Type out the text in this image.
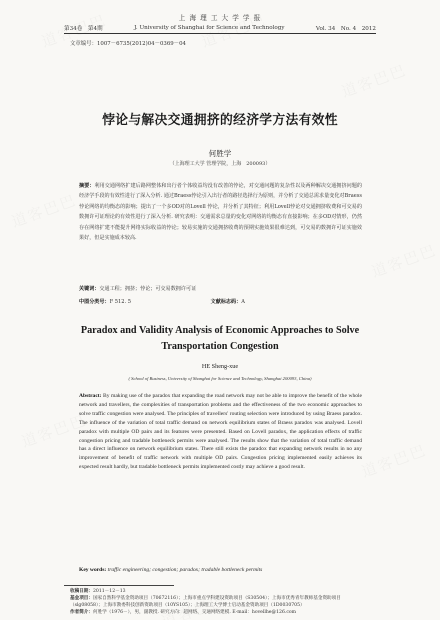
上 海 理 工 大 学 学 报
第34卷　第4期	J. University of Shanghai for Science and Technology	Vol. 34　No. 4　2012
文章编号：1007－6735(2012)04－0369－04
悖论与解决交通拥挤的经济学方法有效性
何胜学
（上海理工大学 管理学院，上海　200093）
摘要：利用交通网络扩建后路网整体和出行者个体收益均没有改善的悖论，对交通问题的复杂性以及两种解决交通拥挤问题的经济学手段的有效性进行了深入分析. 通过Braess悖论引入出行者的路径选择行为原则，并分析了交通总需求量变化对Braess悖论网络的均衡态的影响；提出了一个多OD对的Lovell 悖论，并分析了其特征；利用Lovell悖论对交通拥挤收费和可交易的数拥许可证理论的有效性进行了深入分析. 研究表明：交通需求总量的变化对网络的均衡态有直接影响；在多OD对情形，仍然存在网络扩建不能提升网络实际收益的悖论；较易实施的交通拥挤收费的预期实施效果很难达到，可交易的数拥许可证实施效果好，但是实施成本较高.
关键词：交通工程；拥挤；悖论；可交易数拥许可证
中图分类号：F 512. 5	文献标志码：A
Paradox and Validity Analysis of Economic Approaches to Solve Transportation Congestion
HE Sheng-xue
( School of Business, University of Shanghai for Science and Technology, Shanghai 200093, China)
Abstract: By making use of the paradox that expanding the road network may not be able to improve the benefit of the whole network and travellers, the complexities of transportation problems and the effectiveness of the two economic approaches to solve traffic congestion were analysed. The principles of travellers' routing selection were introduced by using Braess paradox. The influence of the variation of total traffic demand on network equilibrium states of Braess paradox was analysed. Lovell paradox with multiple OD pairs and its features were presented. Based on Lovell paradox, the application effects of traffic congestion pricing and tradable bottleneck permits were analysed. The results show that the variation of total traffic demand has a direct influence on network equilibrium states. There still exists the paradox that expanding network results in no any improvement of benefit of traffic network with multiple OD pairs. Congestion pricing implemented easily achieves its expected result hardly, but tradable bottleneck permits implemented costly may achieve a good result.
Key words: traffic engineering; congestion; paradox; tradable bottleneck permits
收稿日期：2011－12－13
基金项目：国家自然科学基金资助项目（70672116）；上海市重点学科建设资助项目（S30504）；上海市优秀青年教师基金资助项目（slg08058）；上海市教委科技创新资助项目（10YS105）；上海理工大学博士启动基金资助项目（1D0030705）
作者简介：何胜学（1976－），男，副教授. 研究方向：超网络、交通网络建模. E-mail：hovellhe@126.com
